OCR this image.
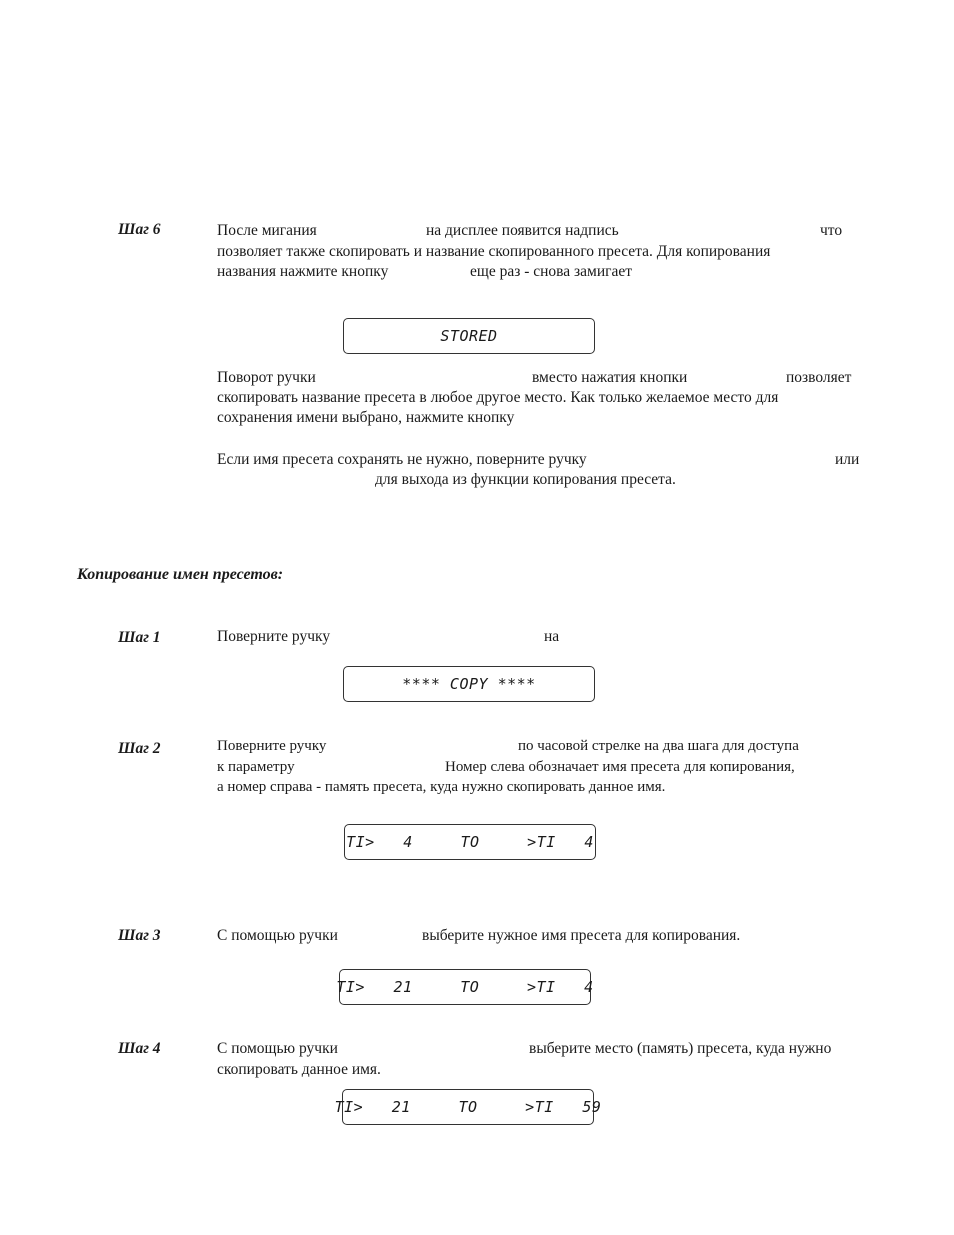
Шаг 6	После мигания	на дисплее появится надпись	что
позволяет также скопировать и название скопированного пресета. Для копирования
названия нажмите кнопку	еще раз - снова замигает
STORED
Поворот ручки	вместо нажатия кнопки	позволяет
скопировать название пресета в любое другое место. Как только желаемое место для
сохранения имени выбрано, нажмите кнопку
Если имя пресета сохранять не нужно, поверните ручку	или
для выхода из функции копирования пресета.
Копирование имен пресетов:
Шаг 1	Поверните ручку	на
**** COPY ****
Шаг 2	Поверните ручку	по часовой стрелке на два шага для доступа
к параметру	Номер слева обозначает имя пресета для копирования,
а номер справа - память пресета, куда нужно скопировать данное имя.
TI>   4     TO     >TI   4
Шаг 3	С помощью ручки	выберите нужное имя пресета для копирования.
TI>   21     TO     >TI   4
Шаг 4	С помощью ручки	выберите место (память) пресета, куда нужно
скопировать данное имя.
TI>   21     TO     >TI   59
